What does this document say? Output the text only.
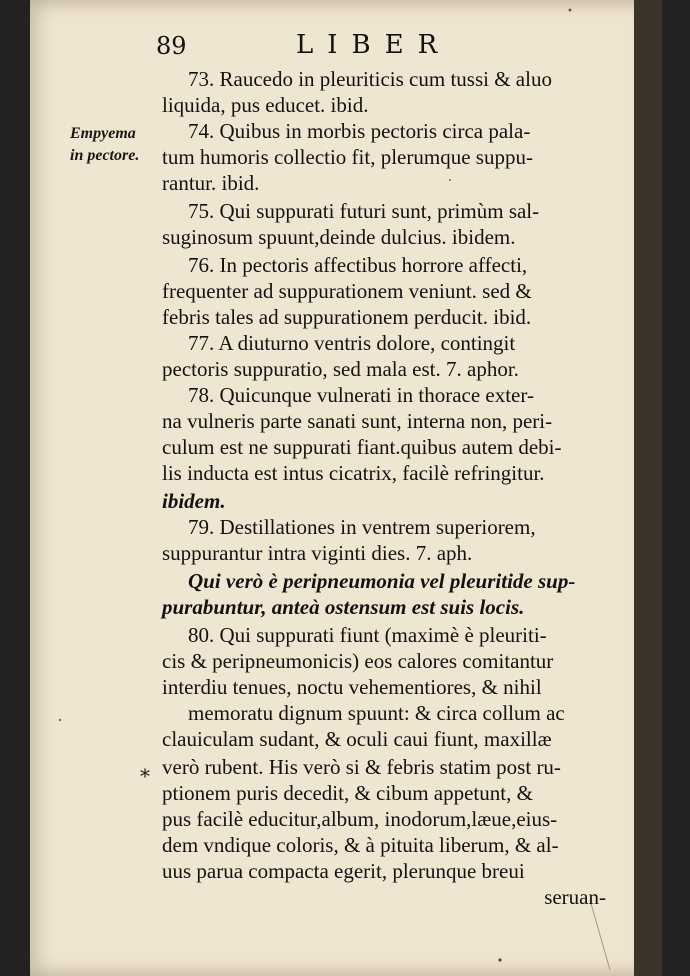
89	LIBER
Empyema
in pectore.
*
73. Raucedo in pleuriticis cum tussi & aluo
liquida, pus educet. ibid.
74. Quibus in morbis pectoris circa pala-
tum humoris collectio fit, plerumque suppu-
rantur. ibid.
75. Qui suppurati futuri sunt, primùm sal-
suginosum spuunt,deinde dulcius. ibidem.
76. In pectoris affectibus horrore affecti,
frequenter ad suppurationem veniunt. sed &
febris tales ad suppurationem perducit. ibid.
77. A diuturno ventris dolore, contingit
pectoris suppuratio, sed mala est. 7. aphor.
78. Quicunque vulnerati in thorace exter-
na vulneris parte sanati sunt, interna non, peri-
culum est ne suppurati fiant.quibus autem debi-
lis inducta est intus cicatrix, facilè refringitur.
ibidem.
79. Destillationes in ventrem superiorem,
suppurantur intra viginti dies. 7. aph.
Qui verò è peripneumonia vel pleuritide sup-
purabuntur, anteà ostensum est suis locis.
80. Qui suppurati fiunt (maximè è pleuriti-
cis & peripneumonicis) eos calores comitantur
interdiu tenues, noctu vehementiores, & nihil
memoratu dignum spuunt: & circa collum ac
clauiculam sudant, & oculi caui fiunt, maxillæ
verò rubent. His verò si & febris statim post ru-
ptionem puris decedit, & cibum appetunt, &
pus facilè educitur,album, inodorum,læue,eius-
dem vndique coloris, & à pituita liberum, & al-
uus parua compacta egerit, plerunque breui
seruan-
